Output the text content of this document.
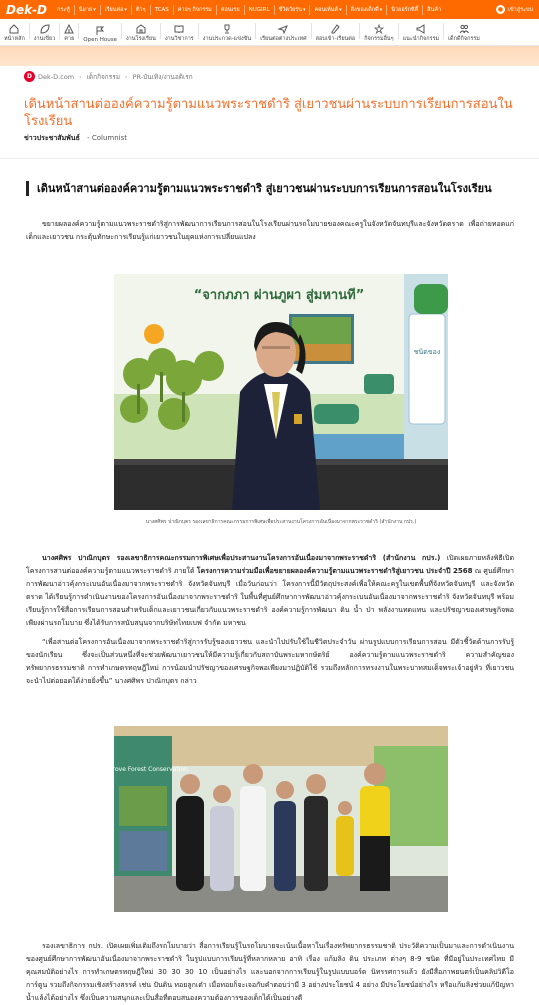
Dek-D	กระทู้ นิยาย ▾ เรียนต่อ ▾ ติวๆ TCAS ค่ายๆ กิจกรรม ค่อนเรย NUGIRL ชีวิตวัยรุ่น ▾ คอนเท้นต์ ▾ สิ่งของเด็กดี ▾ นิวยอร์กซิตี้ สินค้า	● เข้าสู่ระบบ
หน้าหลัก งานเขียว ค่าย Open House งานโรงเรียน งานวิชาการ งานประกวด-แข่งขัน เรียนต่อต่างประเทศ สอบเข้า-เรียนต่อ กิจกรรมอื่นๆ แนะนำกิจกรรม เด็กดีกิจกรรม
D Dek-D.com › เด็กกิจกรรม › PR-บันเทิง/งานอดิเรก
เดินหน้าสานต่อองค์ความรู้ตามแนวพระราชดำริ สู่เยาวชนผ่านระบบการเรียนการสอนในโรงเรียน
ข่าวประชาสัมพันธ์ - Columnist
เดินหน้าสานต่อองค์ความรู้ตามแนวพระราชดำริ สู่เยาวชนผ่านระบบการเรียนการสอนในโรงเรียน

ขยายผลองค์ความรู้ตามแนวพระราชดำริสู่การพัฒนาการเรียนการสอนในโรงเรียนผ่านรถโมบายของคณะครูในจังหวัดจันทบุรีและจังหวัดตราด เพื่อถ่ายทอดแก่เด็กและเยาวชน กระตุ้นทักษะการเรียนรู้แก่เยาวชนในยุคแห่งการเปลี่ยนแปลง

“จากภภา ผ่านภูผา สู่มหานที”
ชนิดของ
นางศศิพร ปาณิกบุตร รองเลขาธิการคณะกรรมการพิเศษเพื่อประสานงานโครงการอันเนื่องมาจากพระราชดำริ (สำนักงาน กปร.)

นางศศิพร ปาณิกบุตร รองเลขาธิการคณะกรรมการพิเศษเพื่อประสานงานโครงการอันเนื่องมาจากพระราชดำริ (สำนักงาน กปร.) เปิดเผยภายหลังพิธีเปิดโครงการสานต่อองค์ความรู้ตามแนวพระราชดำริ ภายใต้ โครงการความร่วมมือเพื่อขยายผลองค์ความรู้ตามแนวพระราชดำริสู่เยาวชน ประจำปี 2568 ณ ศูนย์ศึกษาการพัฒนาอ่าวคุ้งกระเบนอันเนื่องมาจากพระราชดำริ จังหวัดจันทบุรี เมื่อวันก่อนว่า โครงการนี้มีวัตถุประสงค์เพื่อให้คณะครูในเขตพื้นที่จังหวัดจันทบุรี และจังหวัดตราด ได้เรียนรู้การดำเนินงานของโครงการอันเนื่องมาจากพระราชดำริ ในพื้นที่ศูนย์ศึกษาการพัฒนาอ่าวคุ้งกระเบนอันเนื่องมาจากพระราชดำริ จังหวัดจันทบุรี พร้อมเรียนรู้การใช้สื่อการเรียนการสอนสำหรับเด็กและเยาวชนเกี่ยวกับแนวพระราชดำริ องค์ความรู้การพัฒนา ดิน น้ำ ป่า พลังงานทดแทน และปรัชญาของเศรษฐกิจพอเพียงผ่านรถโมบาย ซึ่งได้รับการสนับสนุนจากบริษัทไทยเบฟ จำกัด มหาชน

“เพื่อสานต่อโครงการอันเนื่องมาจากพระราชดำริสู่การรับรู้ของเยาวชน และนำไปปรับใช้ในชีวิตประจำวัน ผ่านรูปแบบการเรียนการสอน มีตัวชี้วัดด้านการรับรู้ของนักเรียน ซึ่งจะเป็นส่วนหนึ่งที่จะช่วยพัฒนาเยาวชนให้มีความรู้เกี่ยวกับสถาบันพระมหากษัตริย์ องค์ความรู้ตามแนวพระราชดำริ ความสำคัญของทรัพยากรธรรมชาติ การทำเกษตรทฤษฎีใหม่ การน้อมนำปรัชญาของเศรษฐกิจพอเพียงมาปฏิบัติใช้ รวมถึงหลักการทรงงานในพระบาทสมเด็จพระเจ้าอยู่หัว ที่เยาวชนจะนำไปต่อยอดได้ง่ายยิ่งขึ้น” นางศศิพร ปาณิกบุตร กล่าว

Mangrove Forest Conservation

รองเลขาธิการ กปร. เปิดเผยเพิ่มเติมถึงรถโมบายว่า สื่อการเรียนรู้ในรถโมบายจะเน้นเนื้อหาในเรื่องทรัพยากรธรรมชาติ ประวัติความเป็นมาและการดำเนินงานของศูนย์ศึกษาการพัฒนาอันเนื่องมาจากพระราชดำริ ในรูปแบบการเรียนรู้ที่หลากหลาย อาทิ เรื่อง แก้มลิง ดิน ประเภท ต่างๆ 8-9 ชนิด ที่มีอยู่ในประเทศไทย มีคุณสมบัติอย่างไร การทำเกษตรทฤษฎีใหม่ 30 30 30 10 เป็นอย่างไร และนอกจากการเรียนรู้ในรูปแบบบอร์ด นิทรรศการแล้ว ยังมีสื่อภาพยนตร์เป็นคลิปวิดีโอการ์ตูน รวมถึงกิจกรรมเชิงสร้างสรรค์ เช่น ปันดิน ทอยลูกเต๋า เมื่อทอยก็จะเจอกับคำตอบว่ามี 3 อย่างประโยชน์ 4 อย่าง มีประโยชน์อย่างไร หรือแก้มลิงช่วยแก้ปัญหาน้ำแล้งได้อย่างไร ซึ่งเป็นความสนุกและเป็นสื่อที่ตอบสนองความต้องการของเด็กได้เป็นอย่างดี
